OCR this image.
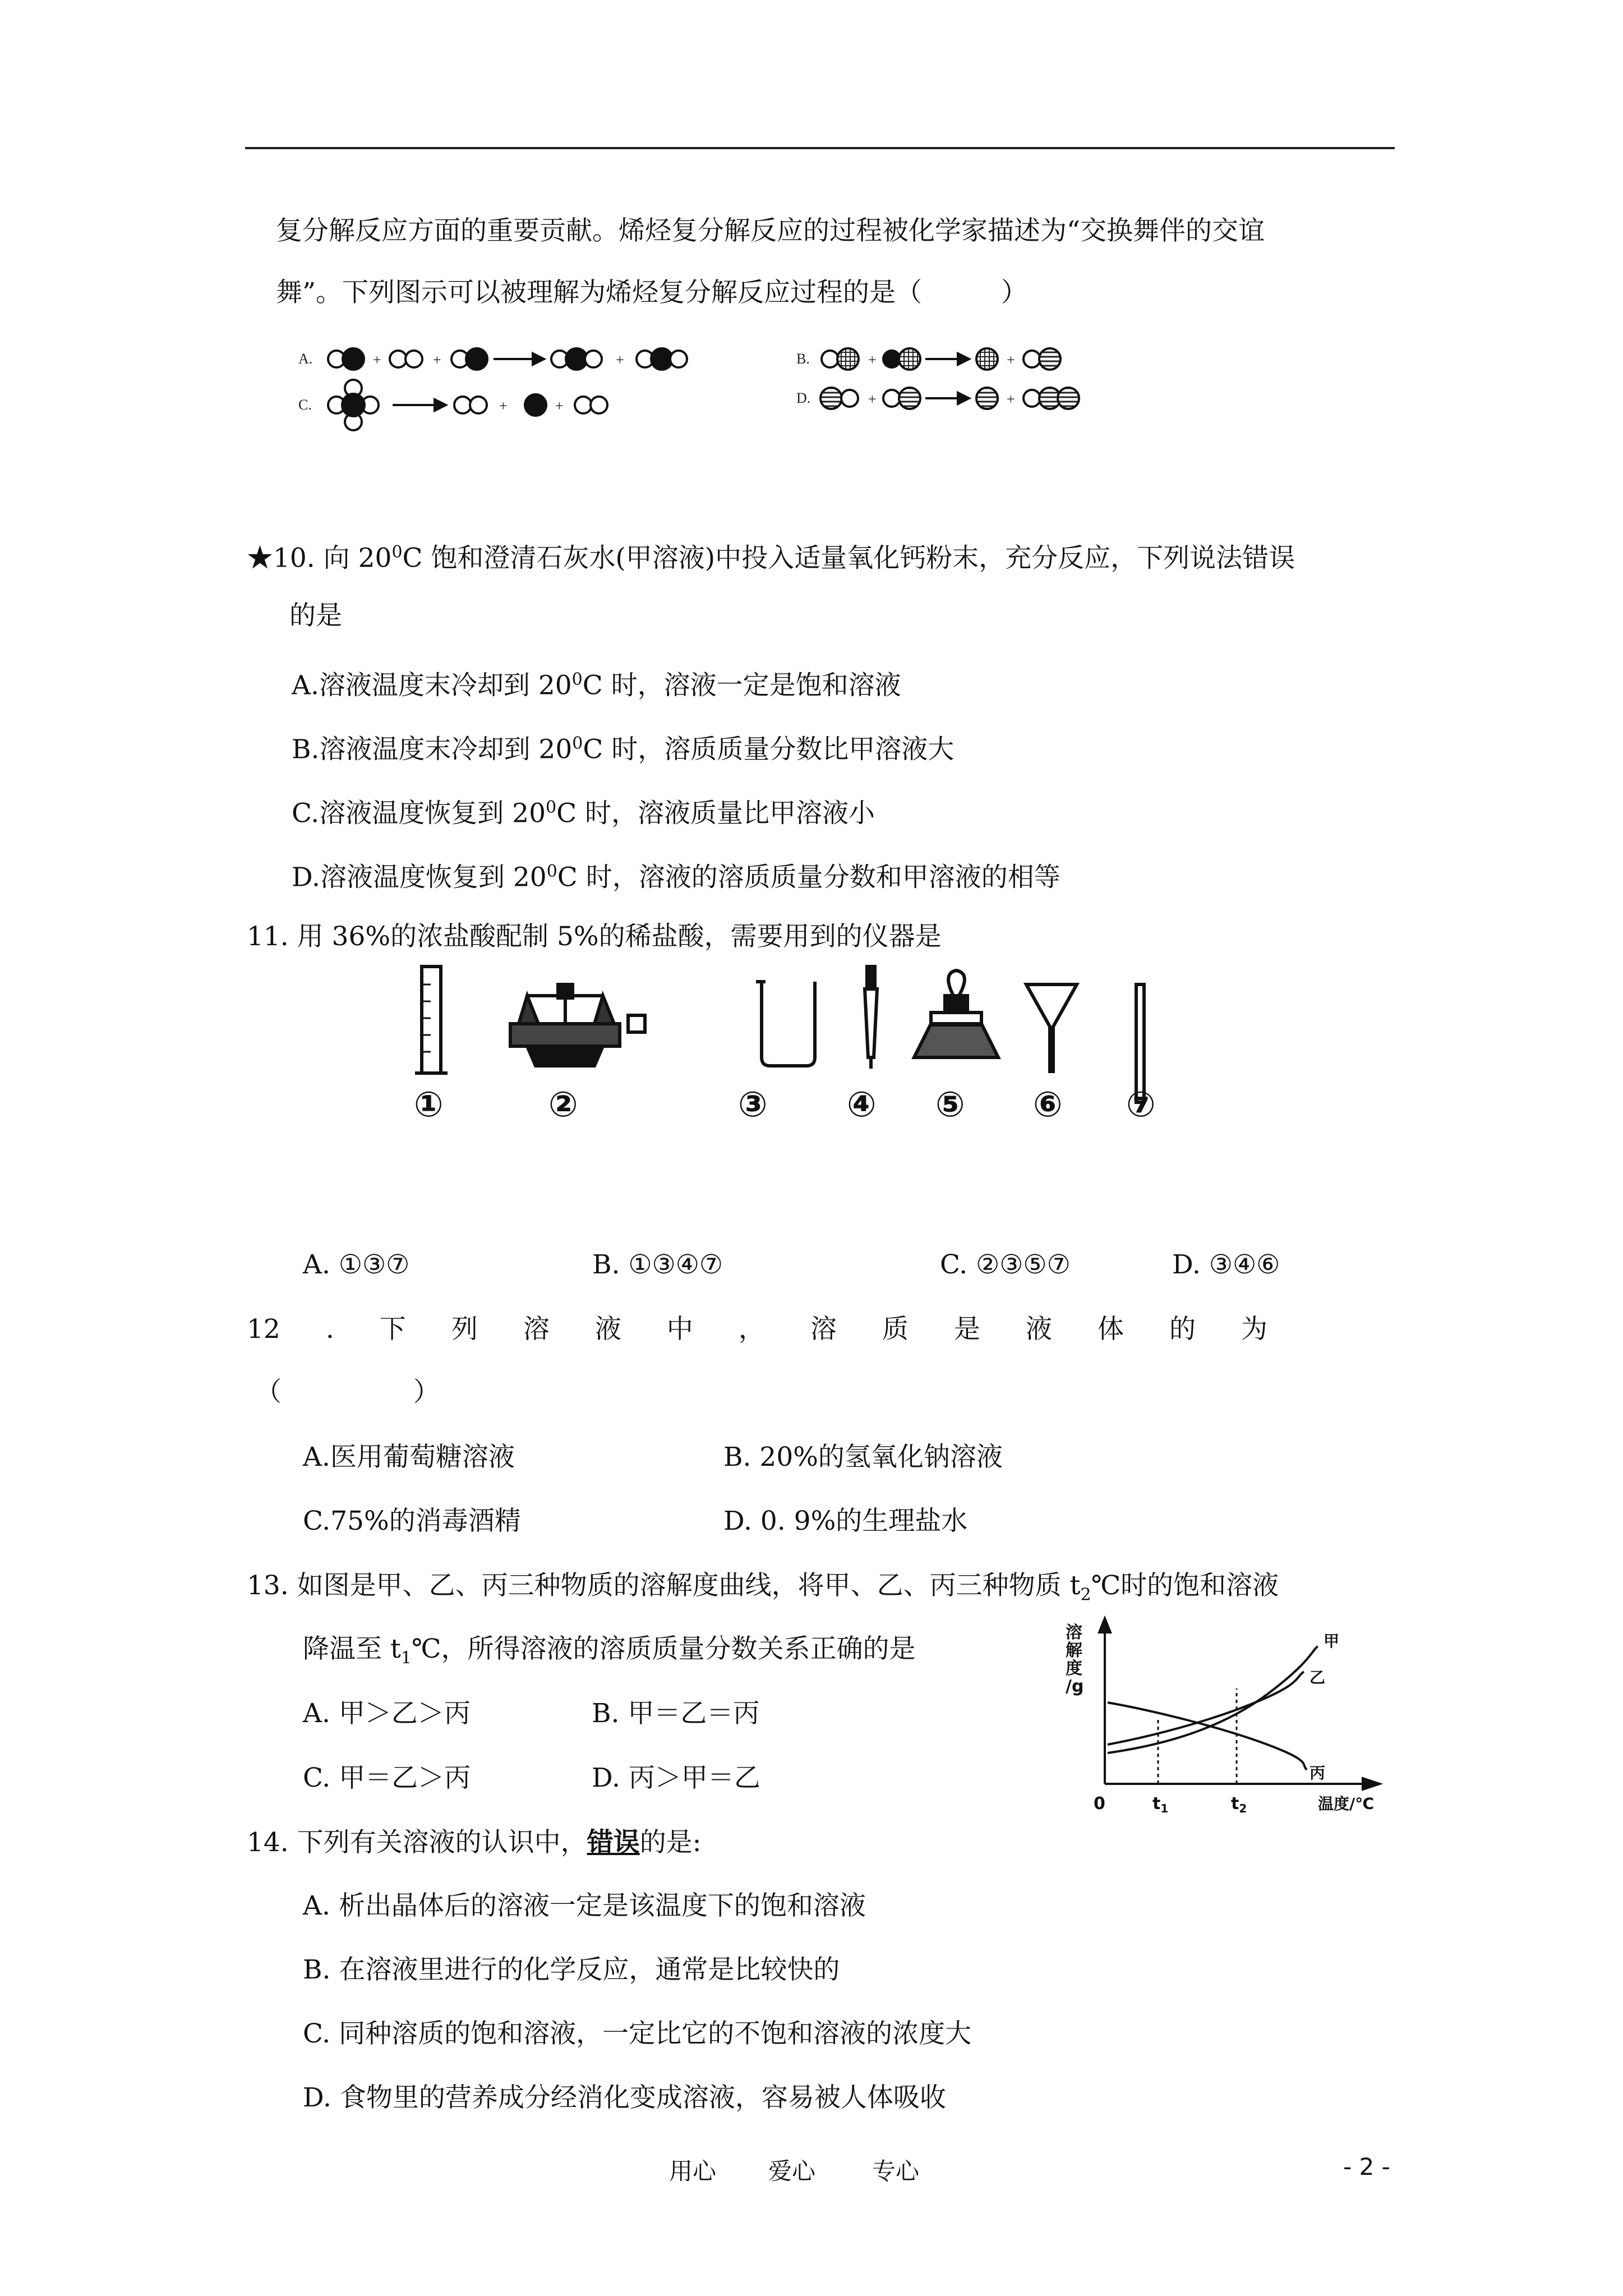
复分解反应方面的重要贡献。烯烃复分解反应的过程被化学家描述为“交换舞伴的交谊
舞”。下列图示可以被理解为烯烃复分解反应过程的是（　　　）
A.	+	+	+
C.	+	+
B.	+	+
D.	+	+
★10. 向 $20^0C$ 饱和澄清石灰水(甲溶液)中投入适量氧化钙粉末，充分反应，下列说法错误
的是
A.溶液温度末冷却到 $20^0C$ 时，溶液一定是饱和溶液
B.溶液温度末冷却到 $20^0C$ 时，溶质质量分数比甲溶液大
C.溶液温度恢复到 $20^0C$ 时，溶液质量比甲溶液小
D.溶液温度恢复到 $20^0C$ 时，溶液的溶质质量分数和甲溶液的相等
11. 用 36%的浓盐酸配制 5%的稀盐酸，需要用到的仪器是
①	②	③ ④ ⑤ ⑥ ⑦
A. ①③⑦	B. ①③④⑦	C. ②③⑤⑦	D. ③④⑥
12 . 下 列 溶 液 中 ， 溶 质 是 液 体 的 为
（　　　　　）
A.医用葡萄糖溶液	B. 20%的氢氧化钠溶液
C.75%的消毒酒精	D. 0. 9%的生理盐水
13. 如图是甲、乙、丙三种物质的溶解度曲线，将甲、乙、丙三种物质 $t_2℃$时的饱和溶液
降温至 $t_1℃$，所得溶液的溶质质量分数关系正确的是
A. 甲＞乙＞丙	B. 甲＝乙＝丙
C. 甲＝乙＞丙	D. 丙＞甲＝乙
溶
解
度
/g
0	$t_1$	$t_2$	温度/℃
甲
乙
丙
14. 下列有关溶液的认识中，错误的是:
A. 析出晶体后的溶液一定是该温度下的饱和溶液
B. 在溶液里进行的化学反应，通常是比较快的
C. 同种溶质的饱和溶液，一定比它的不饱和溶液的浓度大
D. 食物里的营养成分经消化变成溶液，容易被人体吸收
用心 爱心 专心	- 2 -
